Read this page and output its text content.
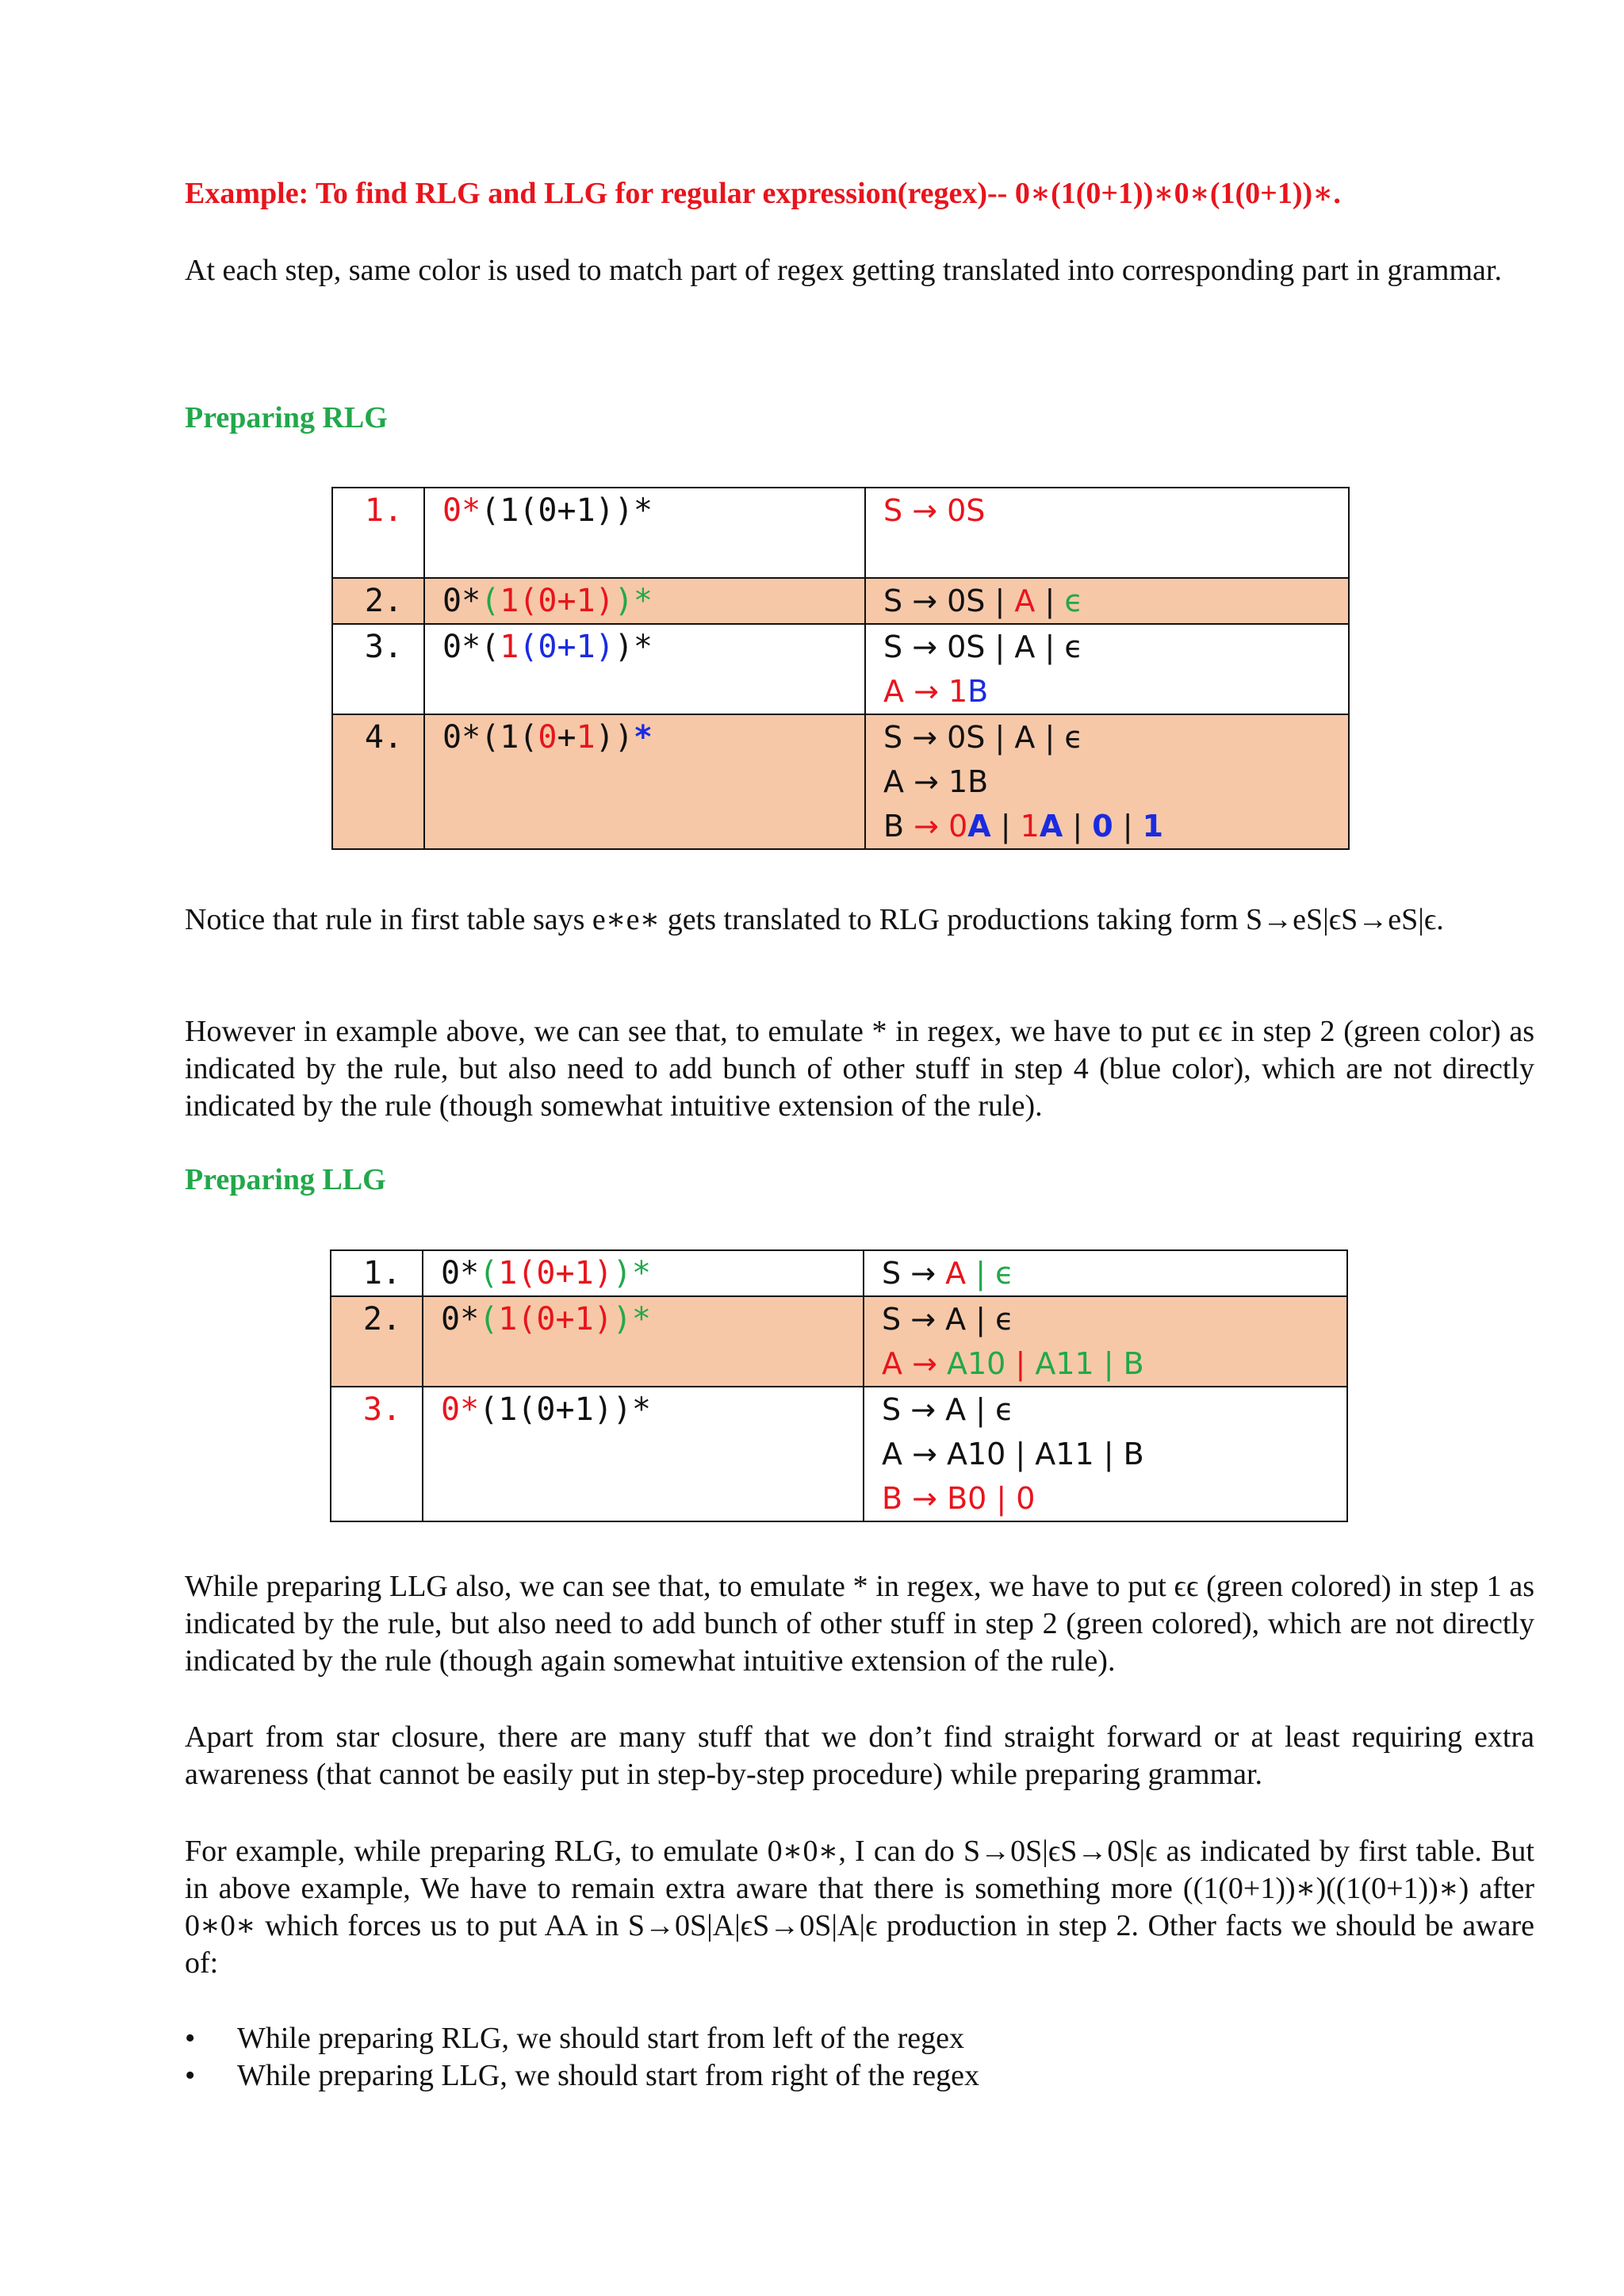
Example: To find RLG and LLG for regular expression(regex)-- 0∗(1(0+1))∗0∗(1(0+1))∗.
At each step, same color is used to match part of regex getting translated into corresponding part in grammar.
Preparing RLG
1.	0*(1(0+1))*	S → 0S

2.	0*(1(0+1))*	S → 0S | A | ϵ

3.	0*(1(0+1))*	S → 0S | A | ϵ
A → 1B

4.	0*(1(0+1))*	S → 0S | A | ϵ
A → 1B
B → 0A | 1A | 0 | 1
Notice that rule in first table says e∗e∗ gets translated to RLG productions taking form S→eS|ϵS→eS|ϵ.
However in example above, we can see that, to emulate * in regex, we have to put ϵϵ in step 2 (green color) as indicated by the rule, but also need to add bunch of other stuff in step 4 (blue color), which are not directly indicated by the rule (though somewhat intuitive extension of the rule).
Preparing LLG
1.	0*(1(0+1))*	S → A | ϵ

2.	0*(1(0+1))*	S → A | ϵ
A → A10 | A11 | B

3.	0*(1(0+1))*	S → A | ϵ
A → A10 | A11 | B
B → B0 | 0
While preparing LLG also, we can see that, to emulate * in regex, we have to put ϵϵ (green colored) in step 1 as indicated by the rule, but also need to add bunch of other stuff in step 2 (green colored), which are not directly indicated by the rule (though again somewhat intuitive extension of the rule).
Apart from star closure, there are many stuff that we don’t find straight forward or at least requiring extra awareness (that cannot be easily put in step-by-step procedure) while preparing grammar.
For example, while preparing RLG, to emulate 0∗0∗, I can do S→0S|ϵS→0S|ϵ as indicated by first table. But in above example, We have to remain extra aware that there is something more ((1(0+1))∗)((1(0+1))∗) after 0∗0∗ which forces us to put AA in S→0S|A|ϵS→0S|A|ϵ production in step 2. Other facts we should be aware of:
• While preparing RLG, we should start from left of the regex
• While preparing LLG, we should start from right of the regex
